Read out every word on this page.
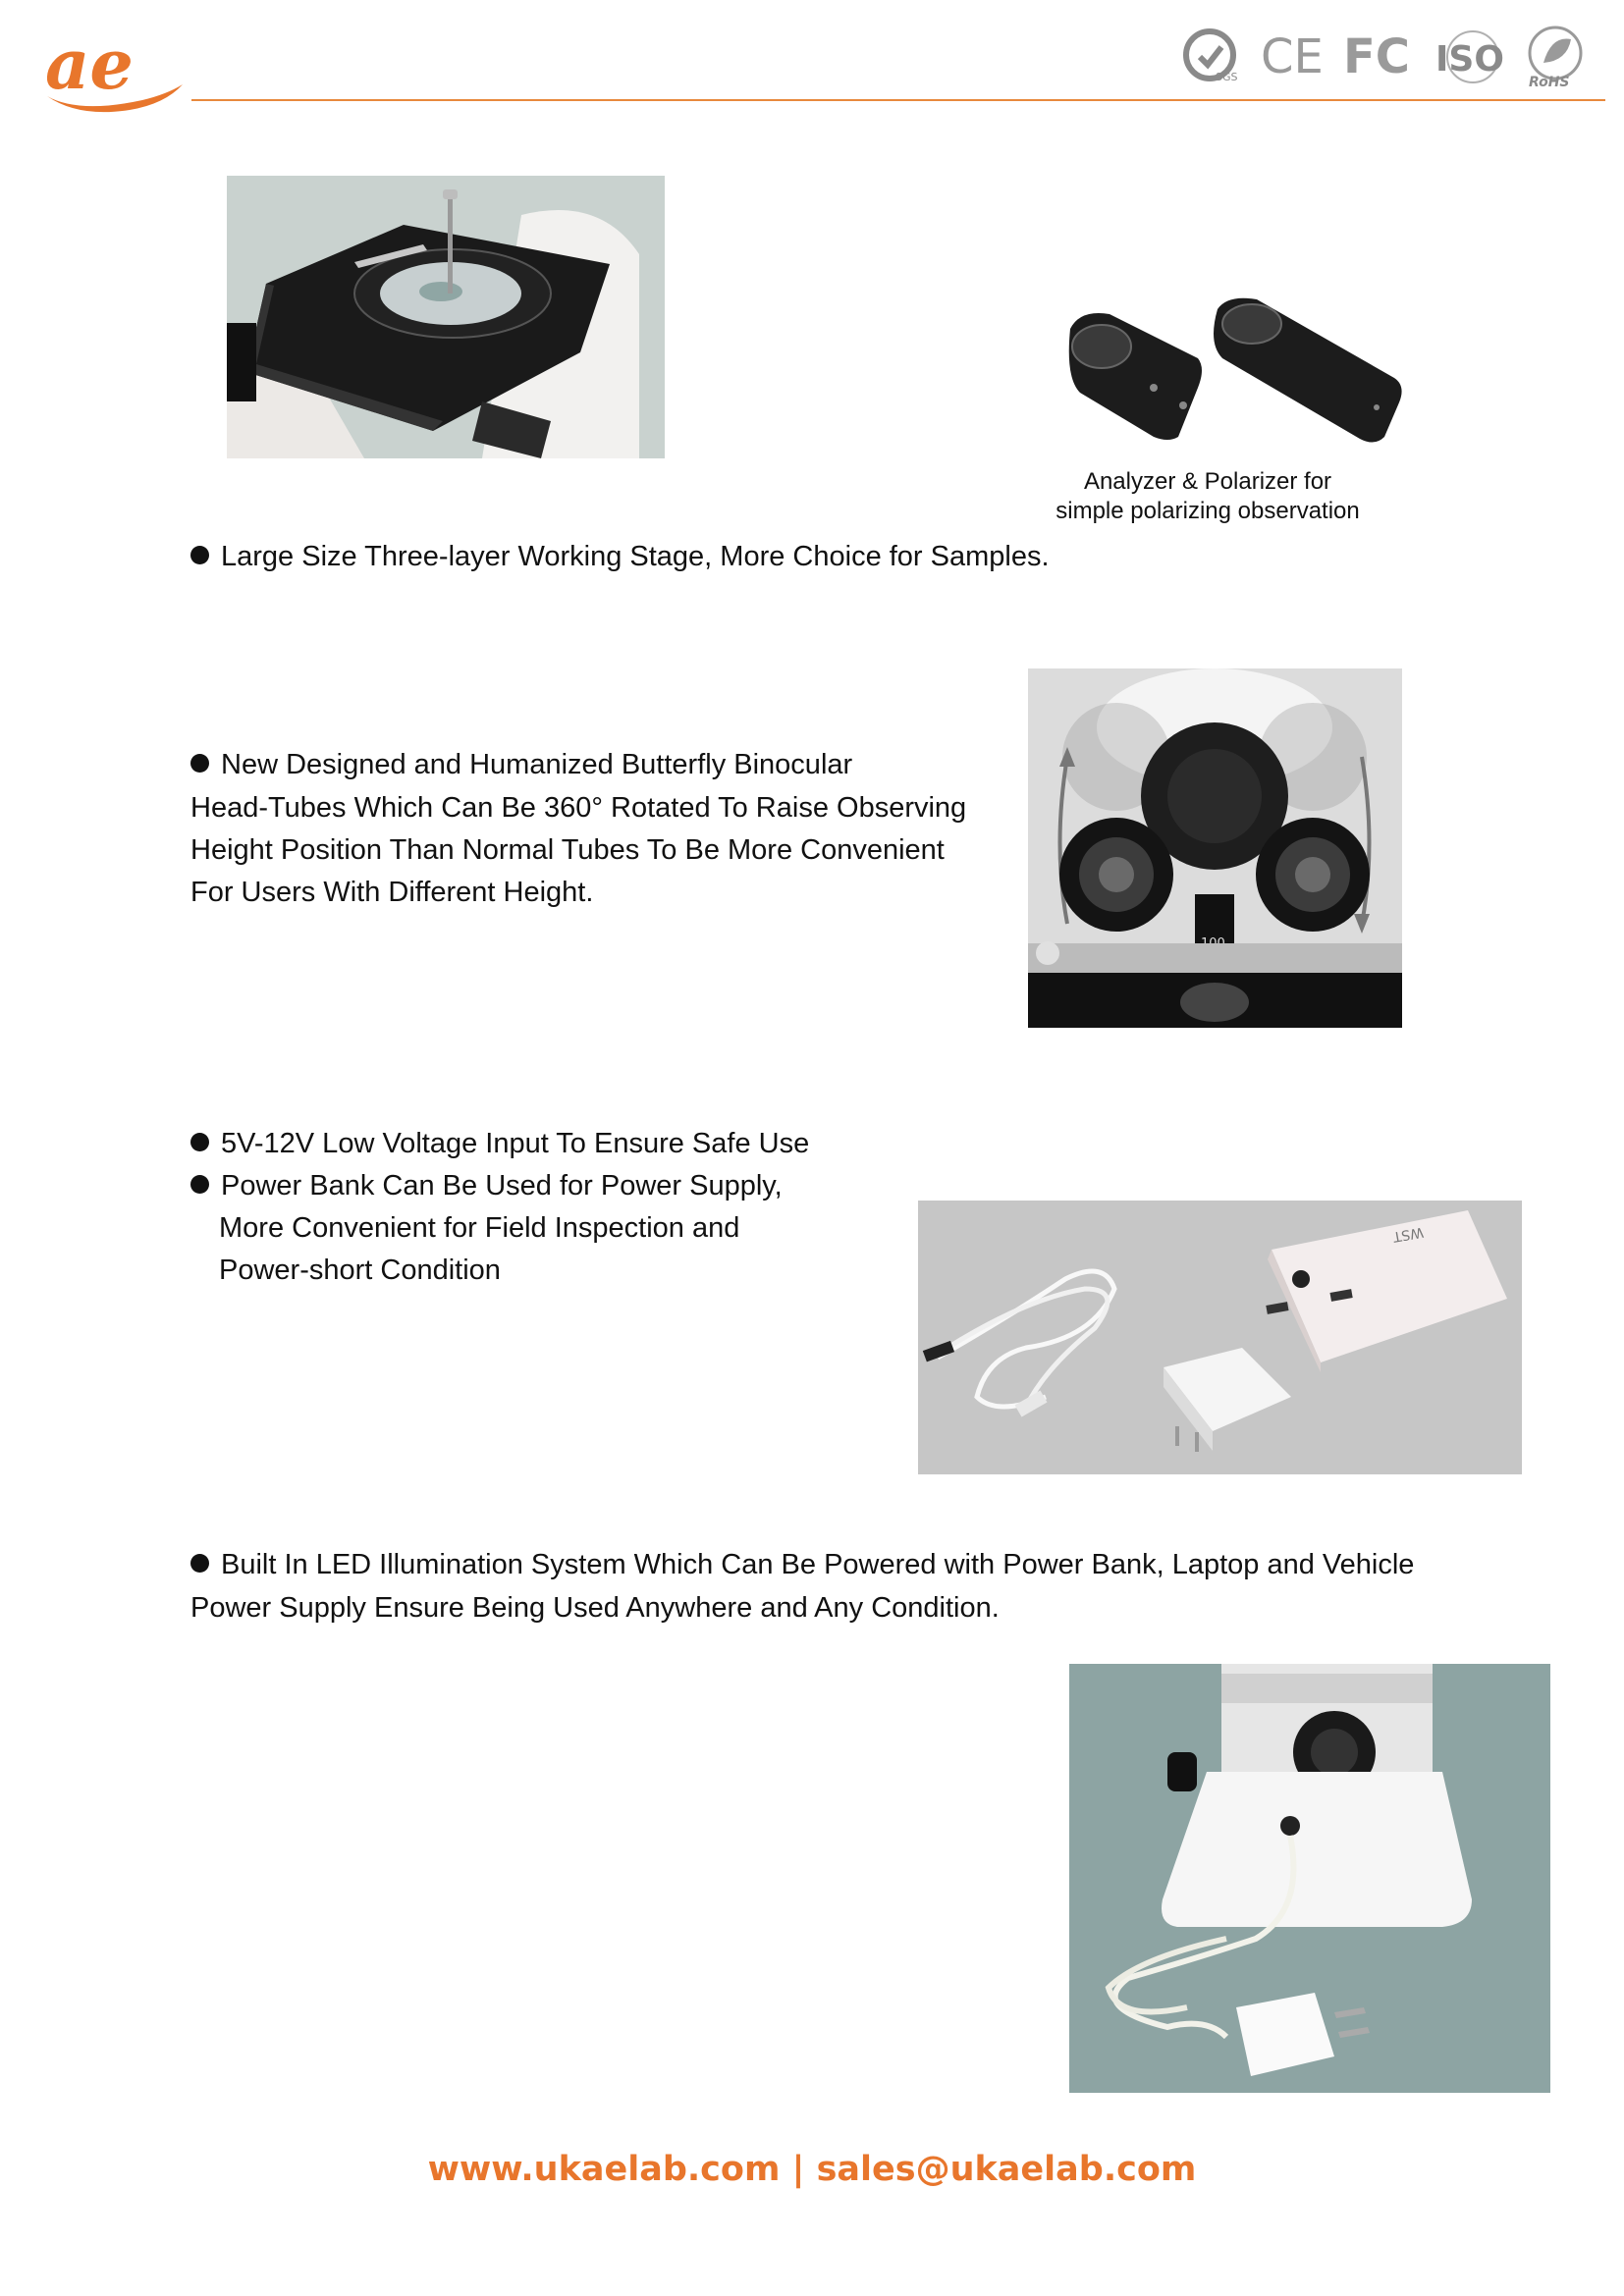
ae	SGS CE FC ISO
RoHS
Analyzer & Polarizer for
simple polarizing observation
Large Size Three-layer Working Stage, More Choice for Samples.
New Designed and Humanized Butterfly Binocular
Head-Tubes Which Can Be 360° Rotated To Raise Observing
Height Position Than Normal Tubes To Be More Convenient
For Users With Different Height.
5V-12V Low Voltage Input To Ensure Safe Use
Power Bank Can Be Used for Power Supply,
More Convenient for Field Inspection and
Power-short Condition
WST
Built In LED Illumination System Which Can Be Powered with Power Bank, Laptop and Vehicle
Power Supply Ensure Being Used Anywhere and Any Condition.
www.ukaelab.com | sales@ukaelab.com
